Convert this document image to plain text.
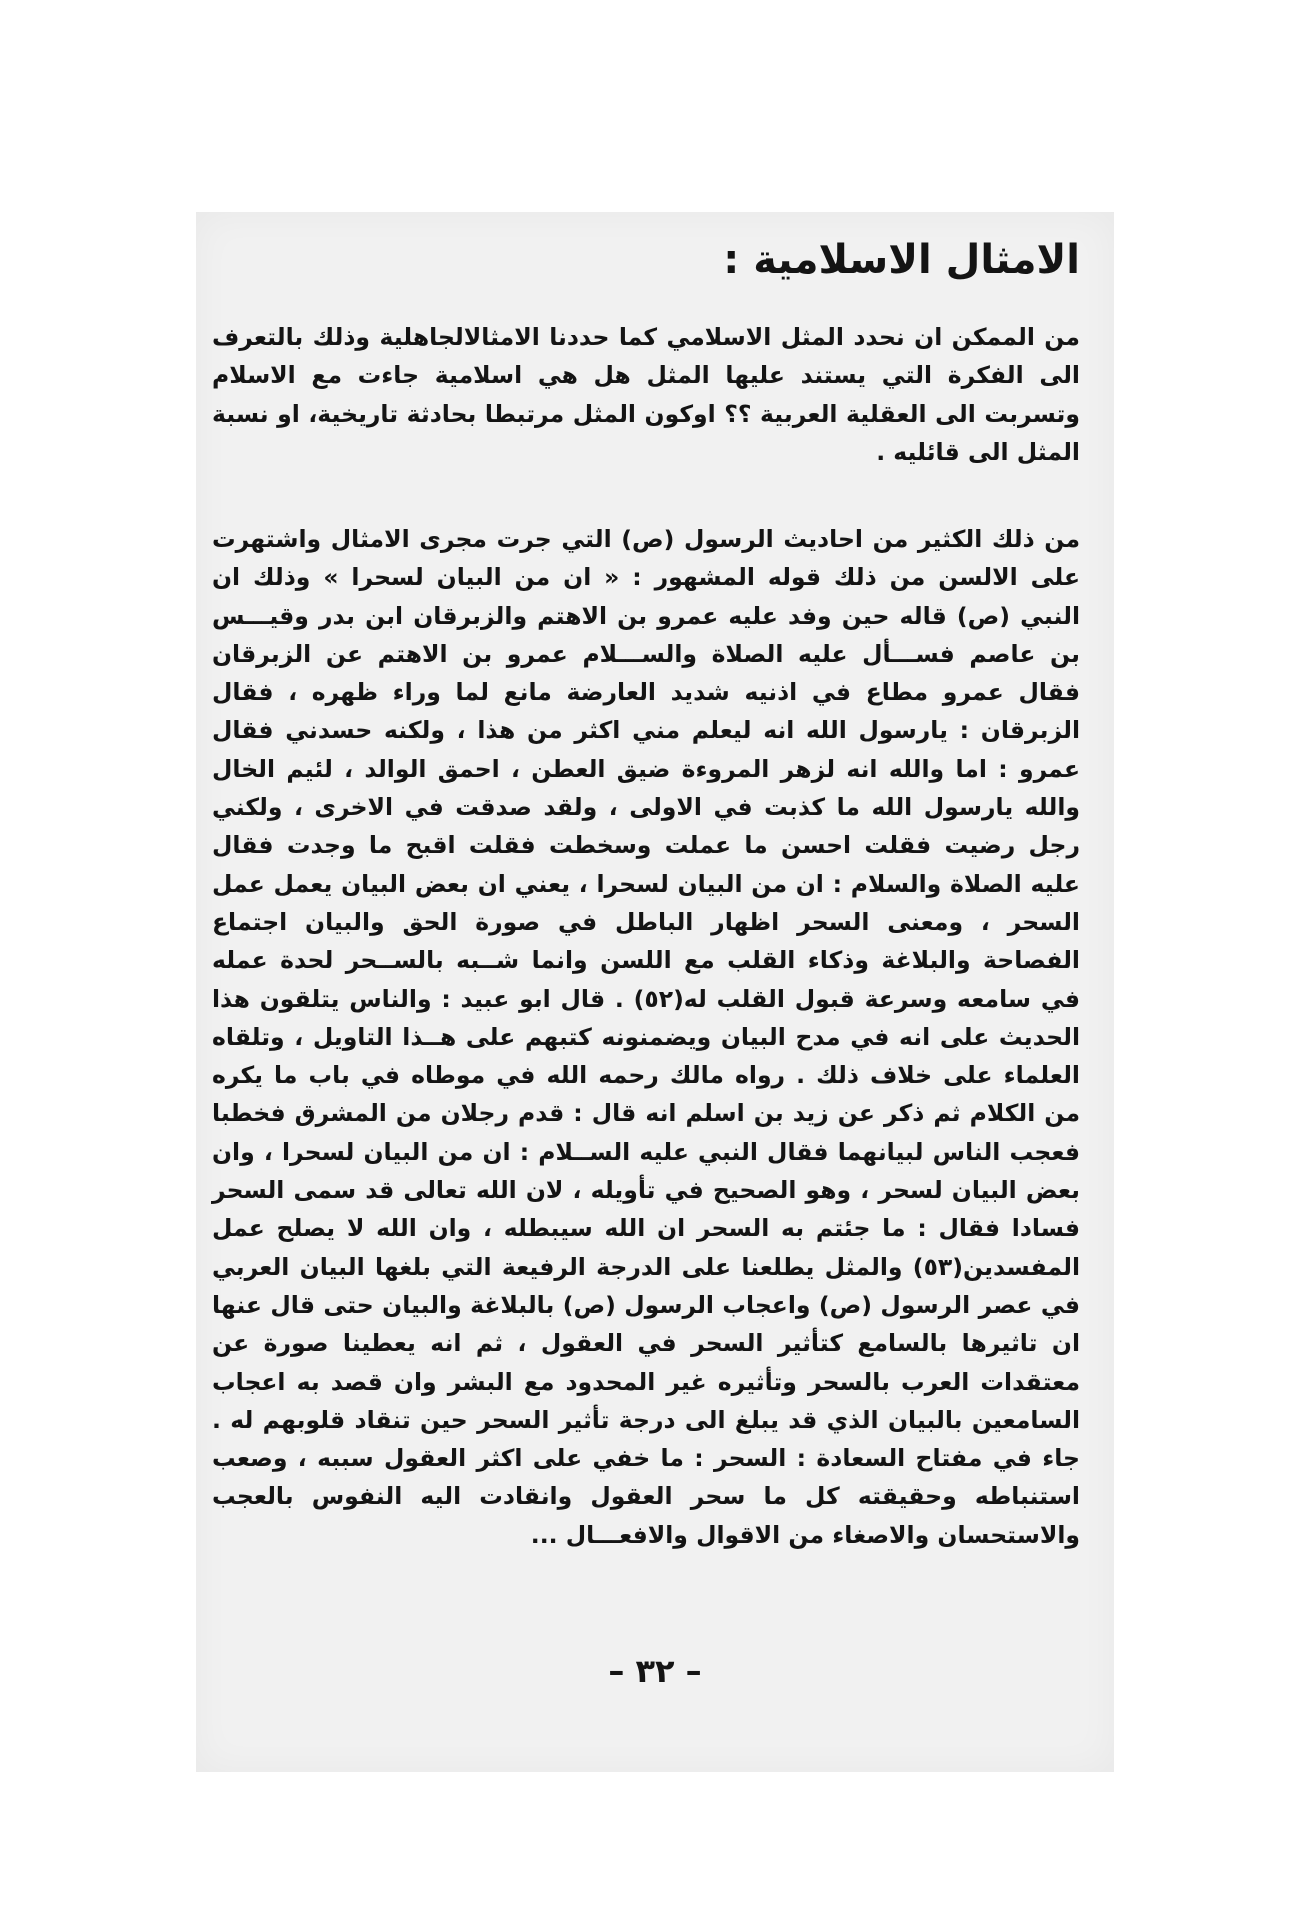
الامثال الاسلامية :

من الممكن ان نحدد المثل الاسلامي كما حددنا الامثالالجاهلية وذلك بالتعرف الى الفكرة التي يستند عليها المثل هل هي اسلامية جاءت مع الاسلام وتسربت الى العقلية العربية ؟؟ اوكون المثل مرتبطا بحادثة تاريخية، او نسبة المثل الى قائليه .

من ذلك الكثير من احاديث الرسول (ص) التي جرت مجرى الامثال واشتهرت على الالسن من ذلك قوله المشهور : « ان من البيان لسحرا » وذلك ان النبي (ص) قاله حين وفد عليه عمرو بن الاهتم والزبرقان ابن بدر وقيـــس بن عاصم فســـأل عليه الصلاة والســـلام عمرو بن الاهتم عن الزبرقان فقال عمرو مطاع في اذنيه شديد العارضة مانع لما وراء ظهره ، فقال الزبرقان : يارسول الله انه ليعلم مني اكثر من هذا ، ولكنه حسدني فقال عمرو : اما والله انه لزهر المروءة ضيق العطن ، احمق الوالد ، لئيم الخال والله يارسول الله ما كذبت في الاولى ، ولقد صدقت في الاخرى ، ولكني رجل رضيت فقلت احسن ما عملت وسخطت فقلت اقبح ما وجدت فقال عليه الصلاة والسلام : ان من البيان لسحرا ، يعني ان بعض البيان يعمل عمل السحر ، ومعنى السحر اظهار الباطل في صورة الحق والبيان اجتماع الفصاحة والبلاغة وذكاء القلب مع اللسن وانما شــبه بالســحر لحدة عمله في سامعه وسرعة قبول القلب له(٥٢) . قال ابو عبيد : والناس يتلقون هذا الحديث على انه في مدح البيان ويضمنونه كتبهم على هــذا التاويل ، وتلقاه العلماء على خلاف ذلك . رواه مالك رحمه الله في موطاه في باب ما يكره من الكلام ثم ذكر عن زيد بن اسلم انه قال : قدم رجلان من المشرق فخطبا فعجب الناس لبيانهما فقال النبي عليه الســلام : ان من البيان لسحرا ، وان بعض البيان لسحر ، وهو الصحيح في تأويله ، لان الله تعالى قد سمى السحر فسادا فقال : ما جئتم به السحر ان الله سيبطله ، وان الله لا يصلح عمل المفسدين(٥٣) والمثل يطلعنا على الدرجة الرفيعة التي بلغها البيان العربي في عصر الرسول (ص) واعجاب الرسول (ص) بالبلاغة والبيان حتى قال عنها ان تاثيرها بالسامع كتأثير السحر في العقول ، ثم انه يعطينا صورة عن معتقدات العرب بالسحر وتأثيره غير المحدود مع البشر وان قصد به اعجاب السامعين بالبيان الذي قد يبلغ الى درجة تأثير السحر حين تنقاد قلوبهم له . جاء في مفتاح السعادة : السحر : ما خفي على اكثر العقول سببه ، وصعب استنباطه وحقيقته كل ما سحر العقول وانقادت اليه النفوس بالعجب والاستحسان والاصغاء من الاقوال والافعـــال ...

– ٣٢ –
